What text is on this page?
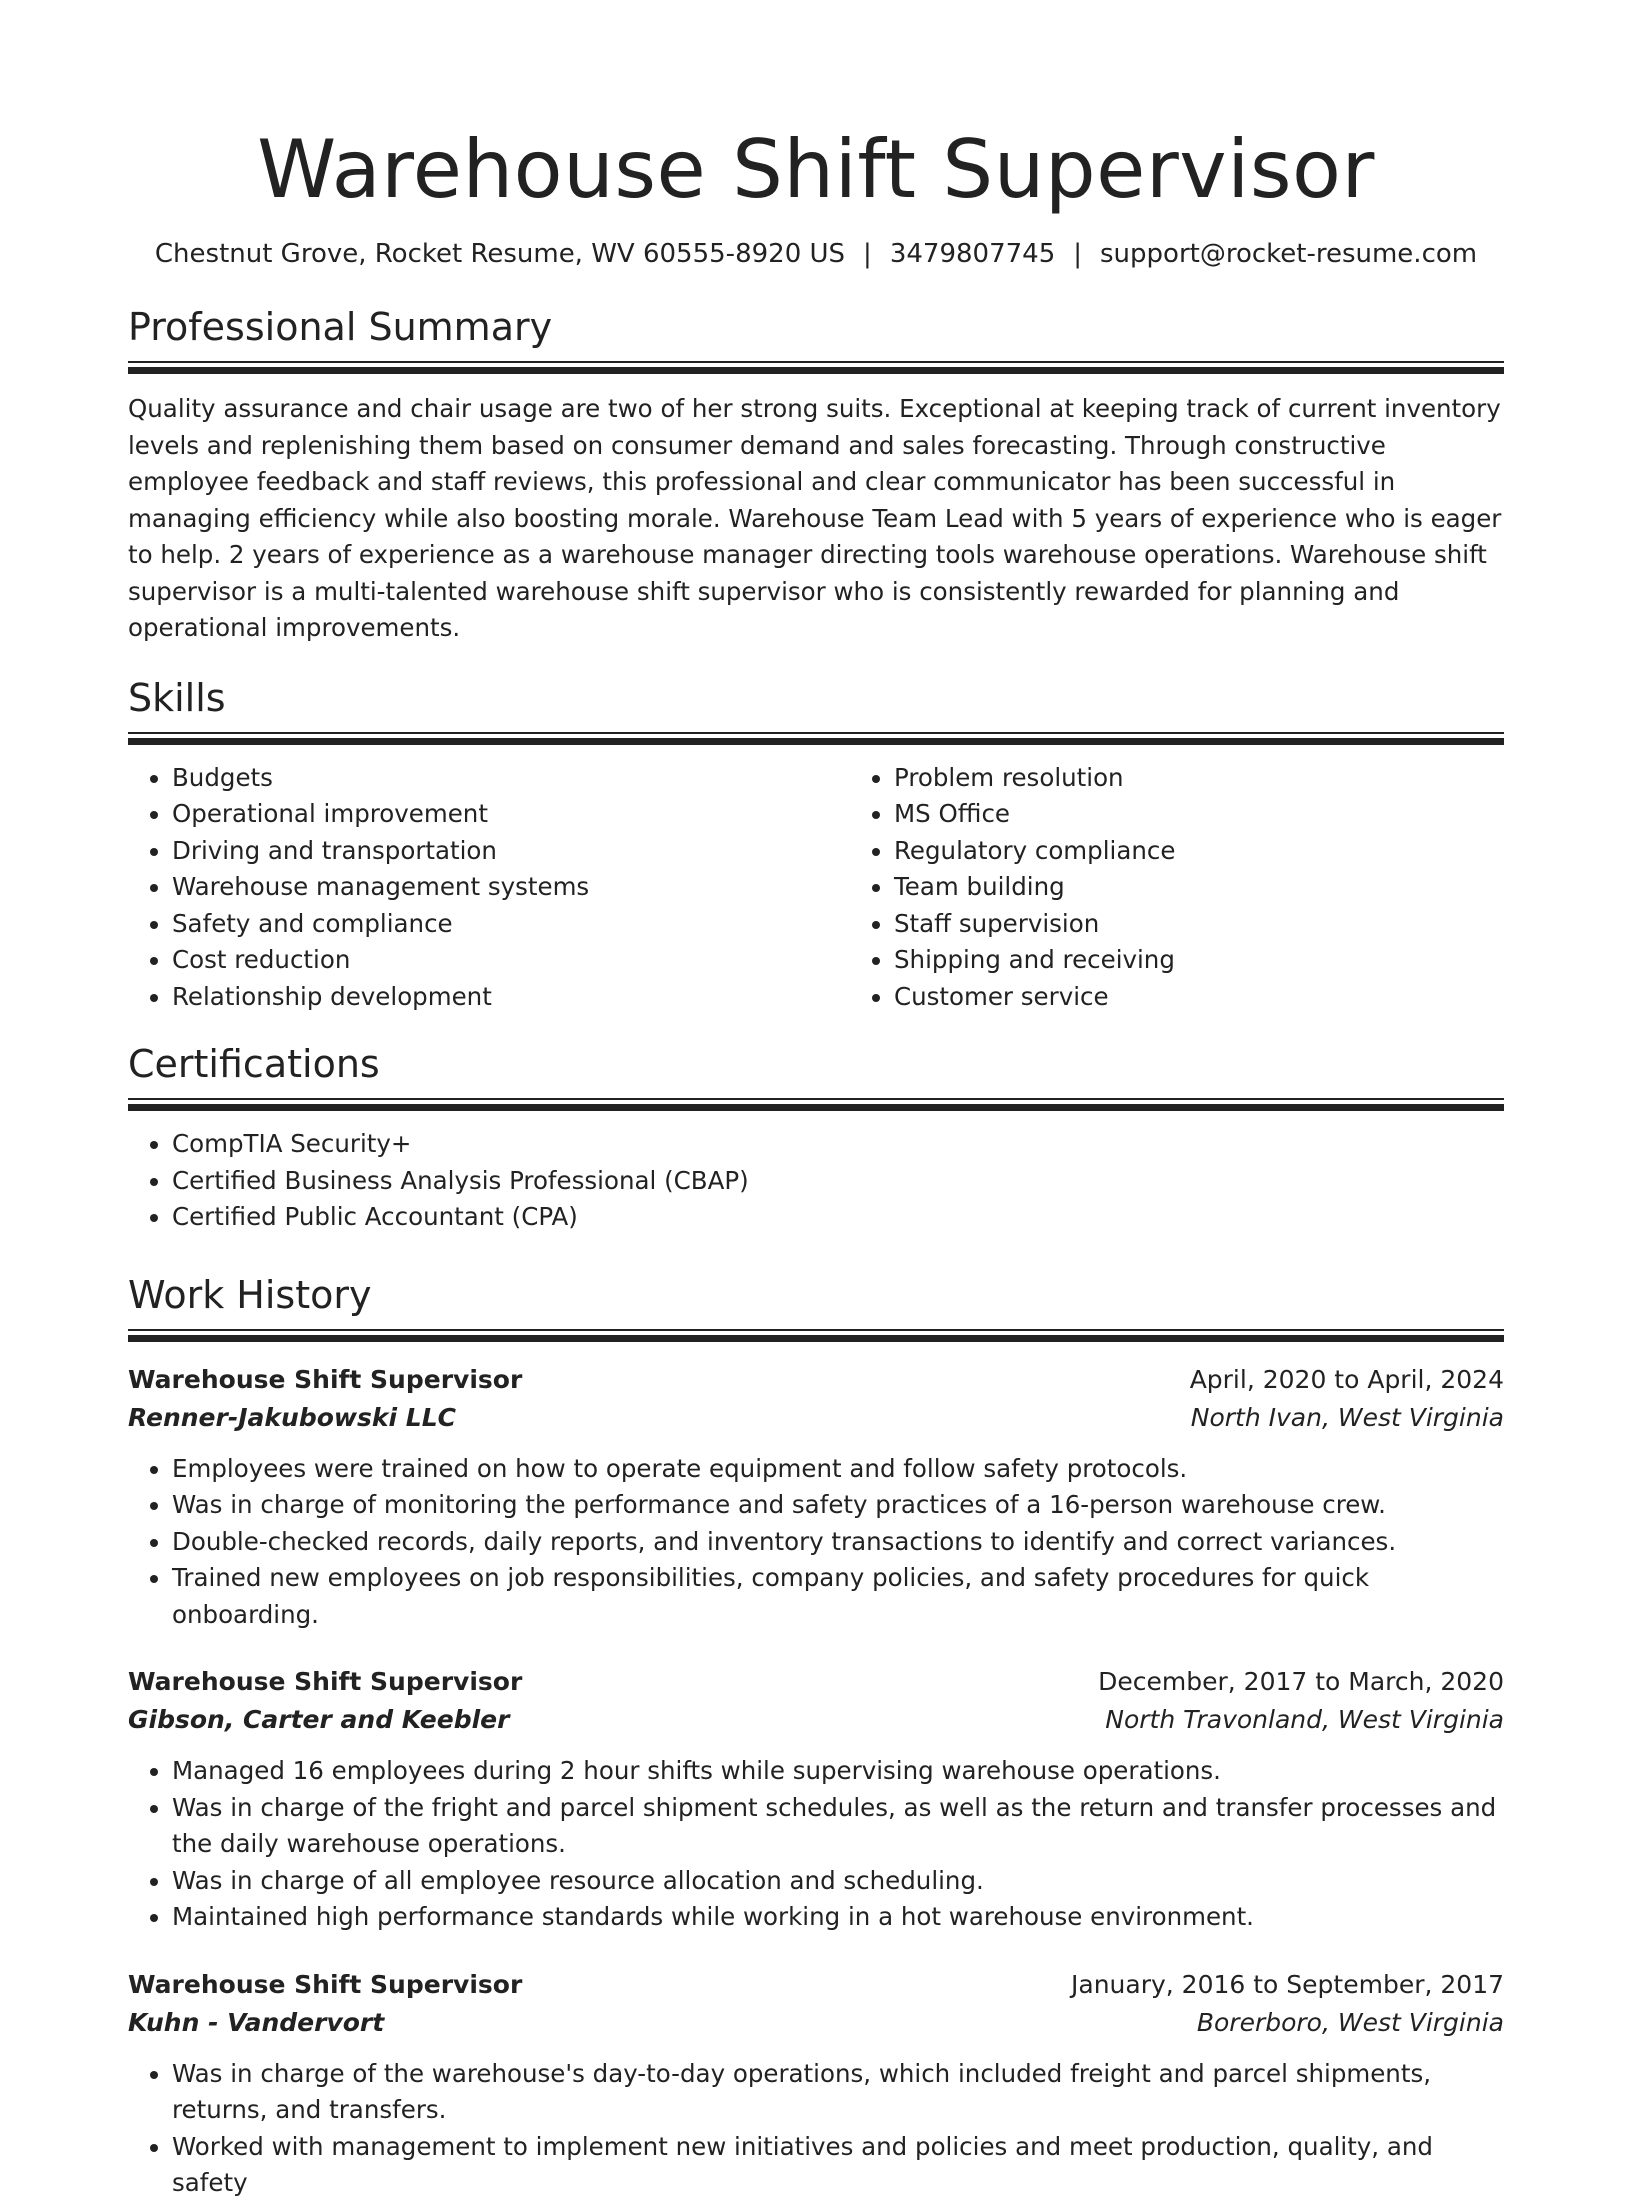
Warehouse Shift Supervisor
Chestnut Grove, Rocket Resume, WV 60555-8920 US | 3479807745 | support@rocket-resume.com
Professional Summary

Quality assurance and chair usage are two of her strong suits. Exceptional at keeping track of current inventory levels and replenishing them based on consumer demand and sales forecasting. Through constructive employee feedback and staff reviews, this professional and clear communicator has been successful in managing efficiency while also boosting morale. Warehouse Team Lead with 5 years of experience who is eager to help. 2 years of experience as a warehouse manager directing tools warehouse operations. Warehouse shift supervisor is a multi-talented warehouse shift supervisor who is consistently rewarded for planning and operational improvements.

Skills
• Budgets
• Operational improvement
• Driving and transportation
• Warehouse management systems
• Safety and compliance
• Cost reduction
• Relationship development
• Problem resolution
• MS Office
• Regulatory compliance
• Team building
• Staff supervision
• Shipping and receiving
• Customer service
Certifications
• CompTIA Security+
• Certified Business Analysis Professional (CBAP)
• Certified Public Accountant (CPA)
Work History
Warehouse Shift Supervisor	April, 2020 to April, 2024
Renner-Jakubowski LLC	North Ivan, West Virginia
• Employees were trained on how to operate equipment and follow safety protocols.
• Was in charge of monitoring the performance and safety practices of a 16-person warehouse crew.
• Double-checked records, daily reports, and inventory transactions to identify and correct variances.
• Trained new employees on job responsibilities, company policies, and safety procedures for quick onboarding.
Warehouse Shift Supervisor	December, 2017 to March, 2020
Gibson, Carter and Keebler	North Travonland, West Virginia
• Managed 16 employees during 2 hour shifts while supervising warehouse operations.
• Was in charge of the fright and parcel shipment schedules, as well as the return and transfer processes and the daily warehouse operations.
• Was in charge of all employee resource allocation and scheduling.
• Maintained high performance standards while working in a hot warehouse environment.
Warehouse Shift Supervisor	January, 2016 to September, 2017
Kuhn - Vandervort	Borerboro, West Virginia
• Was in charge of the warehouse's day-to-day operations, which included freight and parcel shipments, returns, and transfers.
• Worked with management to implement new initiatives and policies and meet production, quality, and safety
